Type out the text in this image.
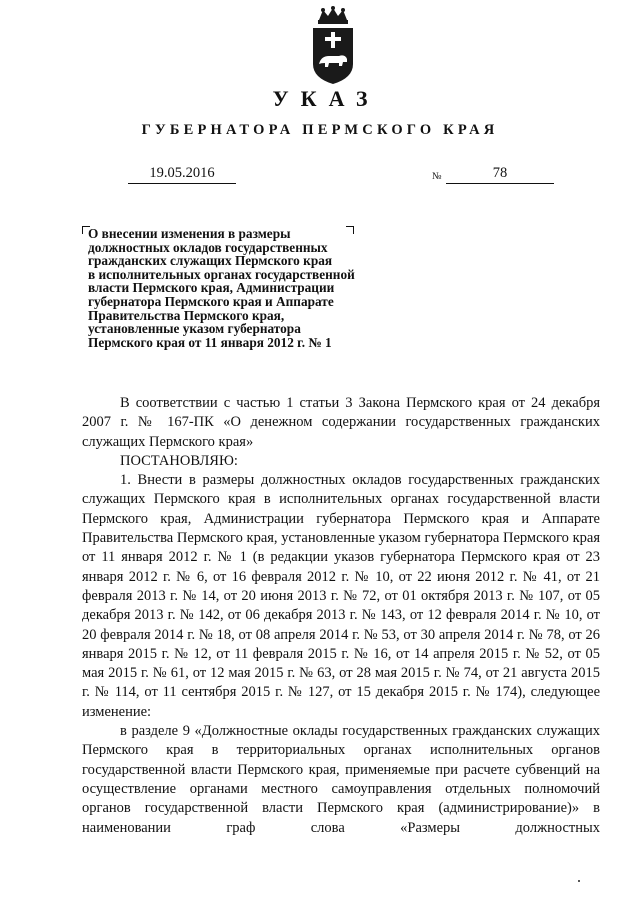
УКАЗ
ГУБЕРНАТОРА ПЕРМСКОГО КРАЯ
19.05.2016	№	78
О внесении изменения в размеры
должностных окладов государственных
гражданских служащих Пермского края
в исполнительных органах государственной
власти Пермского края, Администрации
губернатора Пермского края и Аппарате
Правительства Пермского края,
установленные указом губернатора
Пермского края от 11 января 2012 г. № 1

В соответствии с частью 1 статьи 3 Закона Пермского края от 24 декабря 2007 г. № 167-ПК «О денежном содержании государственных гражданских служащих Пермского края»

ПОСТАНОВЛЯЮ:

1. Внести в размеры должностных окладов государственных гражданских служащих Пермского края в исполнительных органах государственной власти Пермского края, Администрации губернатора Пермского края и Аппарате Правительства Пермского края, установленные указом губернатора Пермского края от 11 января 2012 г. № 1 (в редакции указов губернатора Пермского края от 23 января 2012 г. № 6, от 16 февраля 2012 г. № 10, от 22 июня 2012 г. № 41, от 21 февраля 2013 г. № 14, от 20 июня 2013 г. № 72, от 01 октября 2013 г. № 107, от 05 декабря 2013 г. № 142, от 06 декабря 2013 г. № 143, от 12 февраля 2014 г. № 10, от 20 февраля 2014 г. № 18, от 08 апреля 2014 г. № 53, от 30 апреля 2014 г. № 78, от 26 января 2015 г. № 12, от 11 февраля 2015 г. № 16, от 14 апреля 2015 г. № 52, от 05 мая 2015 г. № 61, от 12 мая 2015 г. № 63, от 28 мая 2015 г. № 74, от 21 августа 2015 г. № 114, от 11 сентября 2015 г. № 127, от 15 декабря 2015 г. № 174), следующее изменение:

в разделе 9 «Должностные оклады государственных гражданских служащих Пермского края в территориальных органах исполнительных органов государственной власти Пермского края, применяемые при расчете субвенций на осуществление органами местного самоуправления отдельных полномочий органов государственной власти Пермского края (администрирование)» в наименовании граф слова «Размеры должностных
